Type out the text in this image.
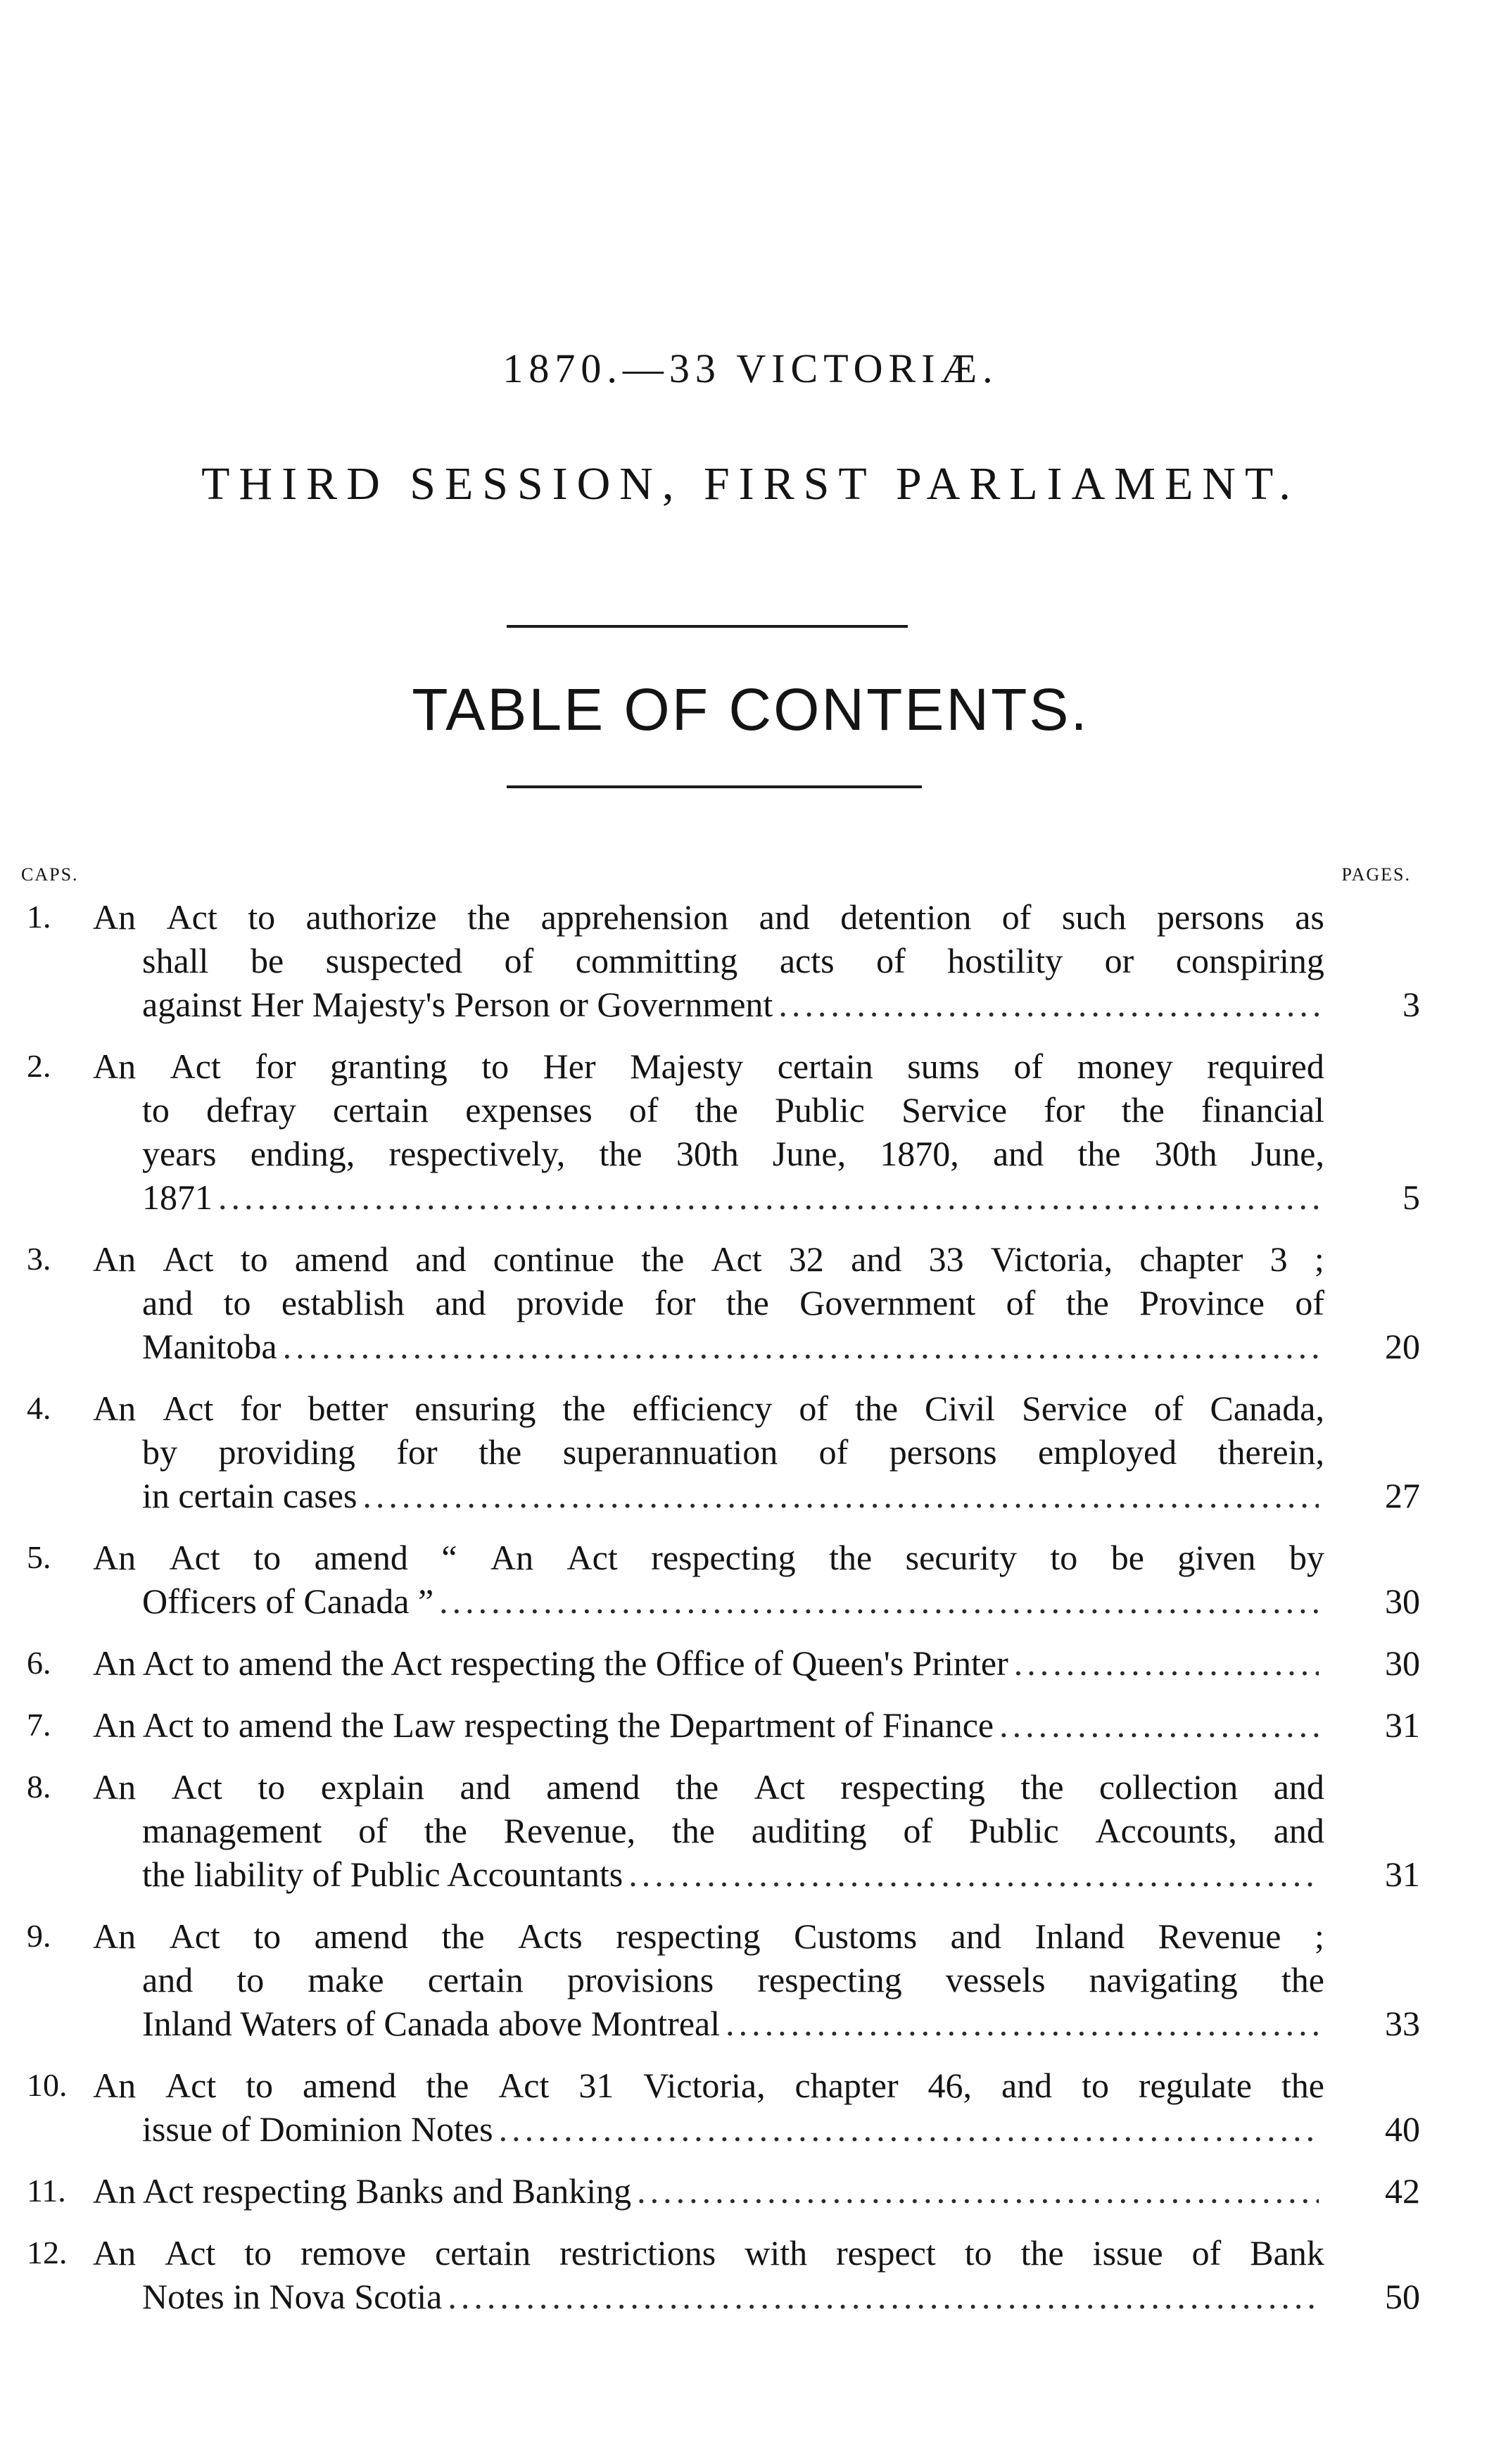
1870.—33 VICTORIÆ.
THIRD SESSION, FIRST PARLIAMENT.
TABLE OF CONTENTS.
CAPS.	PAGES.
1.	An Act to authorize the apprehension and detention of such persons as
shall be suspected of committing acts of hostility or conspiring
against Her Majesty's Person or Government .....	3
2.	An Act for granting to Her Majesty certain sums of money required
to defray certain expenses of the Public Service for the financial
years ending, respectively, the 30th June, 1870, and the 30th June,
1871 .....	5
3.	An Act to amend and continue the Act 32 and 33 Victoria, chapter 3 ;
and to establish and provide for the Government of the Province of
Manitoba .....	20
4.	An Act for better ensuring the efficiency of the Civil Service of Canada,
by providing for the superannuation of persons employed therein,
in certain cases .....	27
5.	An Act to amend “ An Act respecting the security to be given by
Officers of Canada ” .....	30
6.	An Act to amend the Act respecting the Office of Queen's Printer .....	30
7.	An Act to amend the Law respecting the Department of Finance .....	31
8.	An Act to explain and amend the Act respecting the collection and
management of the Revenue, the auditing of Public Accounts, and
the liability of Public Accountants .....	31
9.	An Act to amend the Acts respecting Customs and Inland Revenue ;
and to make certain provisions respecting vessels navigating the
Inland Waters of Canada above Montreal .....	33
10. An Act to amend the Act 31 Victoria, chapter 46, and to regulate the
issue of Dominion Notes .....	40
11. An Act respecting Banks and Banking .....	42
12. An Act to remove certain restrictions with respect to the issue of Bank
Notes in Nova Scotia .....	50
